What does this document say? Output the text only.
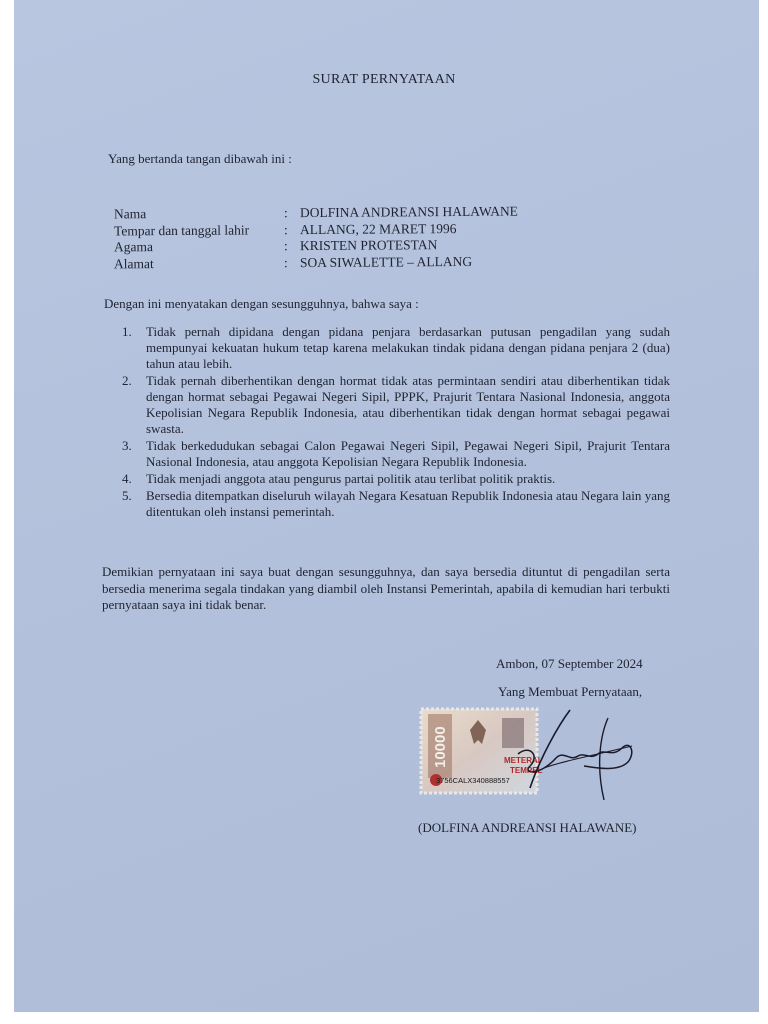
SURAT PERNYATAAN
Yang bertanda tangan dibawah ini :
Nama	: DOLFINA ANDREANSI HALAWANE
Tempar dan tanggal lahir	: ALLANG, 22 MARET 1996
Agama	: KRISTEN PROTESTAN
Alamat	: SOA SIWALETTE – ALLANG
Dengan ini menyatakan dengan sesungguhnya, bahwa saya :
1.	Tidak pernah dipidana dengan pidana penjara berdasarkan putusan pengadilan yang sudah mempunyai kekuatan hukum tetap karena melakukan tindak pidana dengan pidana penjara 2 (dua) tahun atau lebih.
2.	Tidak pernah diberhentikan dengan hormat tidak atas permintaan sendiri atau diberhentikan tidak dengan hormat sebagai Pegawai Negeri Sipil, PPPK, Prajurit Tentara Nasional Indonesia, anggota Kepolisian Negara Republik Indonesia, atau diberhentikan tidak dengan hormat sebagai pegawai swasta.
3.	Tidak berkedudukan sebagai Calon Pegawai Negeri Sipil, Pegawai Negeri Sipil, Prajurit Tentara Nasional Indonesia, atau anggota Kepolisian Negara Republik Indonesia.
4.	Tidak menjadi anggota atau pengurus partai politik atau terlibat politik praktis.
5.	Bersedia ditempatkan diseluruh wilayah Negara Kesatuan Republik Indonesia atau Negara lain yang ditentukan oleh instansi pemerintah.
Demikian pernyataan ini saya buat dengan sesungguhnya, dan saya bersedia dituntut di pengadilan serta bersedia menerima segala tindakan yang diambil oleh Instansi Pemerintah, apabila di kemudian hari terbukti pernyataan saya ini tidak benar.
Ambon, 07 September 2024
Yang Membuat Pernyataan,
10000	METERAI
TEMPEL
3756CALX340888557
(DOLFINA ANDREANSI HALAWANE)
